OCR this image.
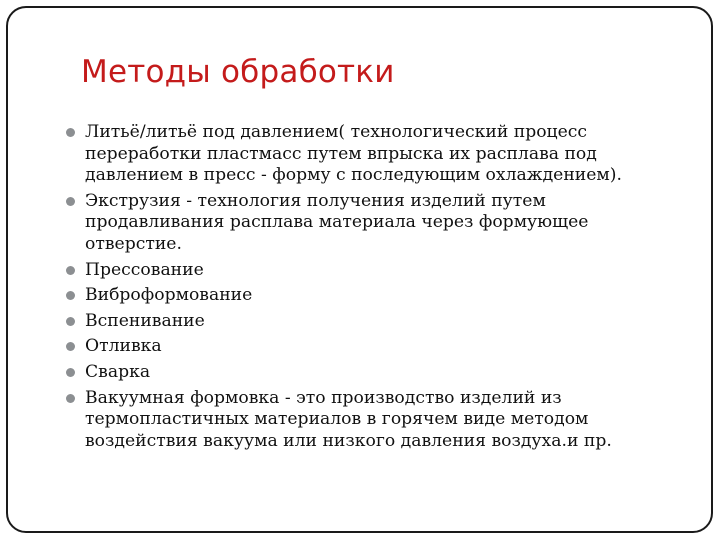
Методы обработки
Литьё/литьё под давлением( технологический процесс
переработки пластмасс путем впрыска их расплава под
давлением в пресс - форму с последующим охлаждением).
Экструзия - технология получения изделий путем
продавливания расплава материала через формующее
отверстие.
Прессование
Виброформование
Вспенивание
Отливка
Сварка
Вакуумная формовка - это производство изделий из
термопластичных материалов в горячем виде методом
воздействия вакуума или низкого давления воздуха.и пр.
